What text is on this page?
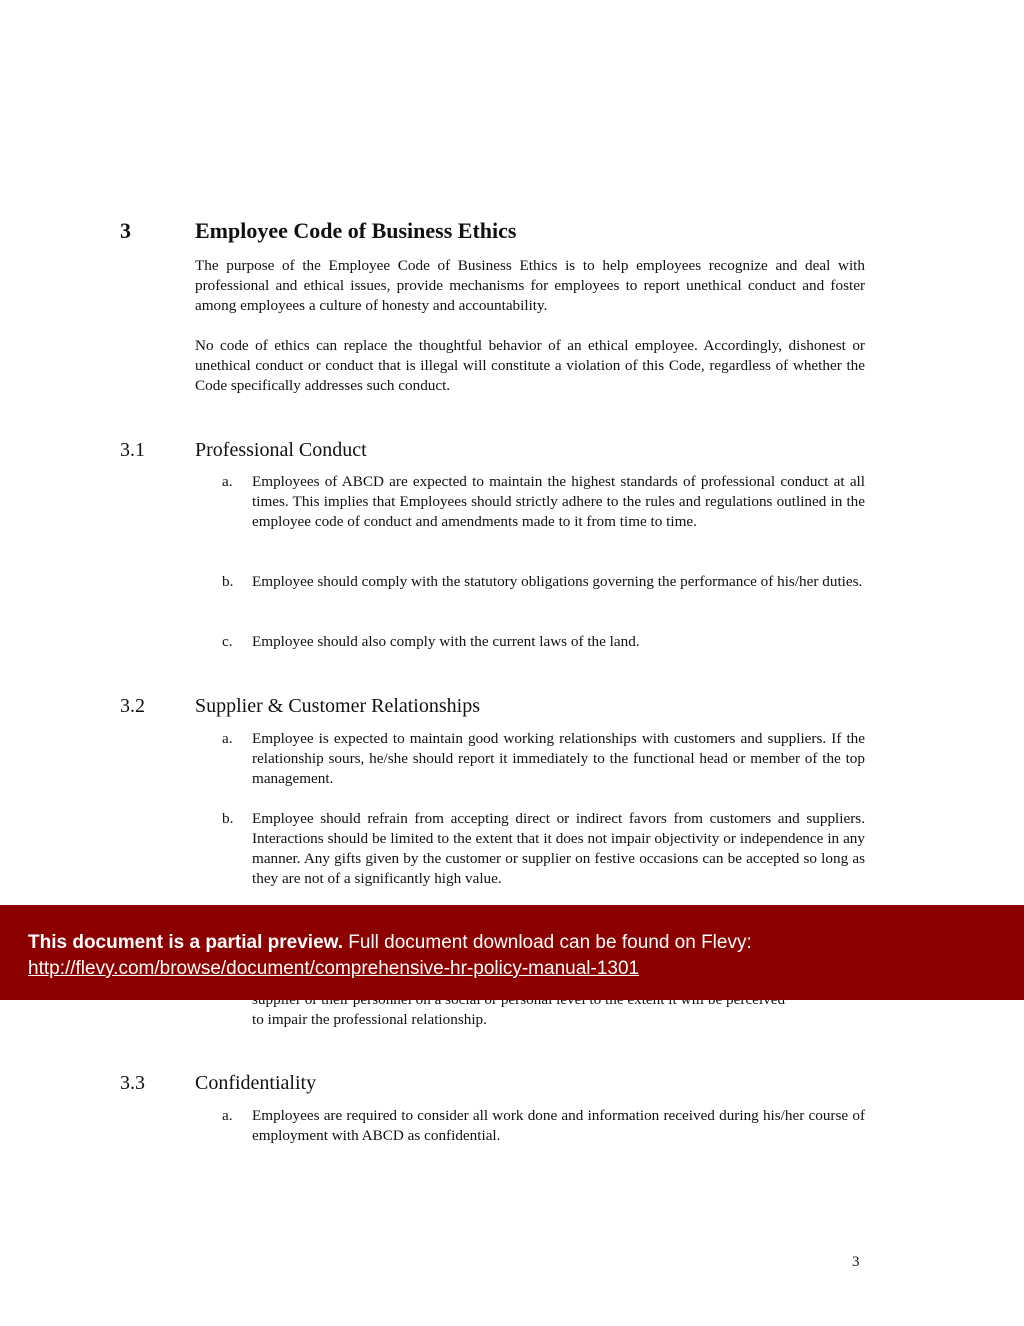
3	Employee Code of Business Ethics
The purpose of the Employee Code of Business Ethics is to help employees recognize and deal with professional and ethical issues, provide mechanisms for employees to report unethical conduct and foster among employees a culture of honesty and accountability.
No code of ethics can replace the thoughtful behavior of an ethical employee. Accordingly, dishonest or unethical conduct or conduct that is illegal will constitute a violation of this Code, regardless of whether the Code specifically addresses such conduct.
3.1	Professional Conduct
a. Employees of ABCD are expected to maintain the highest standards of professional conduct at all times. This implies that Employees should strictly adhere to the rules and regulations outlined in the employee code of conduct and amendments made to it from time to time.
b. Employee should comply with the statutory obligations governing the performance of his/her duties.
c. Employee should also comply with the current laws of the land.
3.2	Supplier & Customer Relationships
a. Employee is expected to maintain good working relationships with customers and suppliers. If the relationship sours, he/she should report it immediately to the functional head or member of the top management.
b. Employee should refrain from accepting direct or indirect favors from customers and suppliers. Interactions should be limited to the extent that it does not impair objectivity or independence in any manner. Any gifts given by the customer or supplier on festive occasions can be accepted so long as they are not of a significantly high value.
to impair the professional relationship.
3.3	Confidentiality
a. Employees are required to consider all work done and information received during his/her course of employment with ABCD as confidential.
3
This document is a partial preview. Full document download can be found on Flevy:
http://flevy.com/browse/document/comprehensive-hr-policy-manual-1301
